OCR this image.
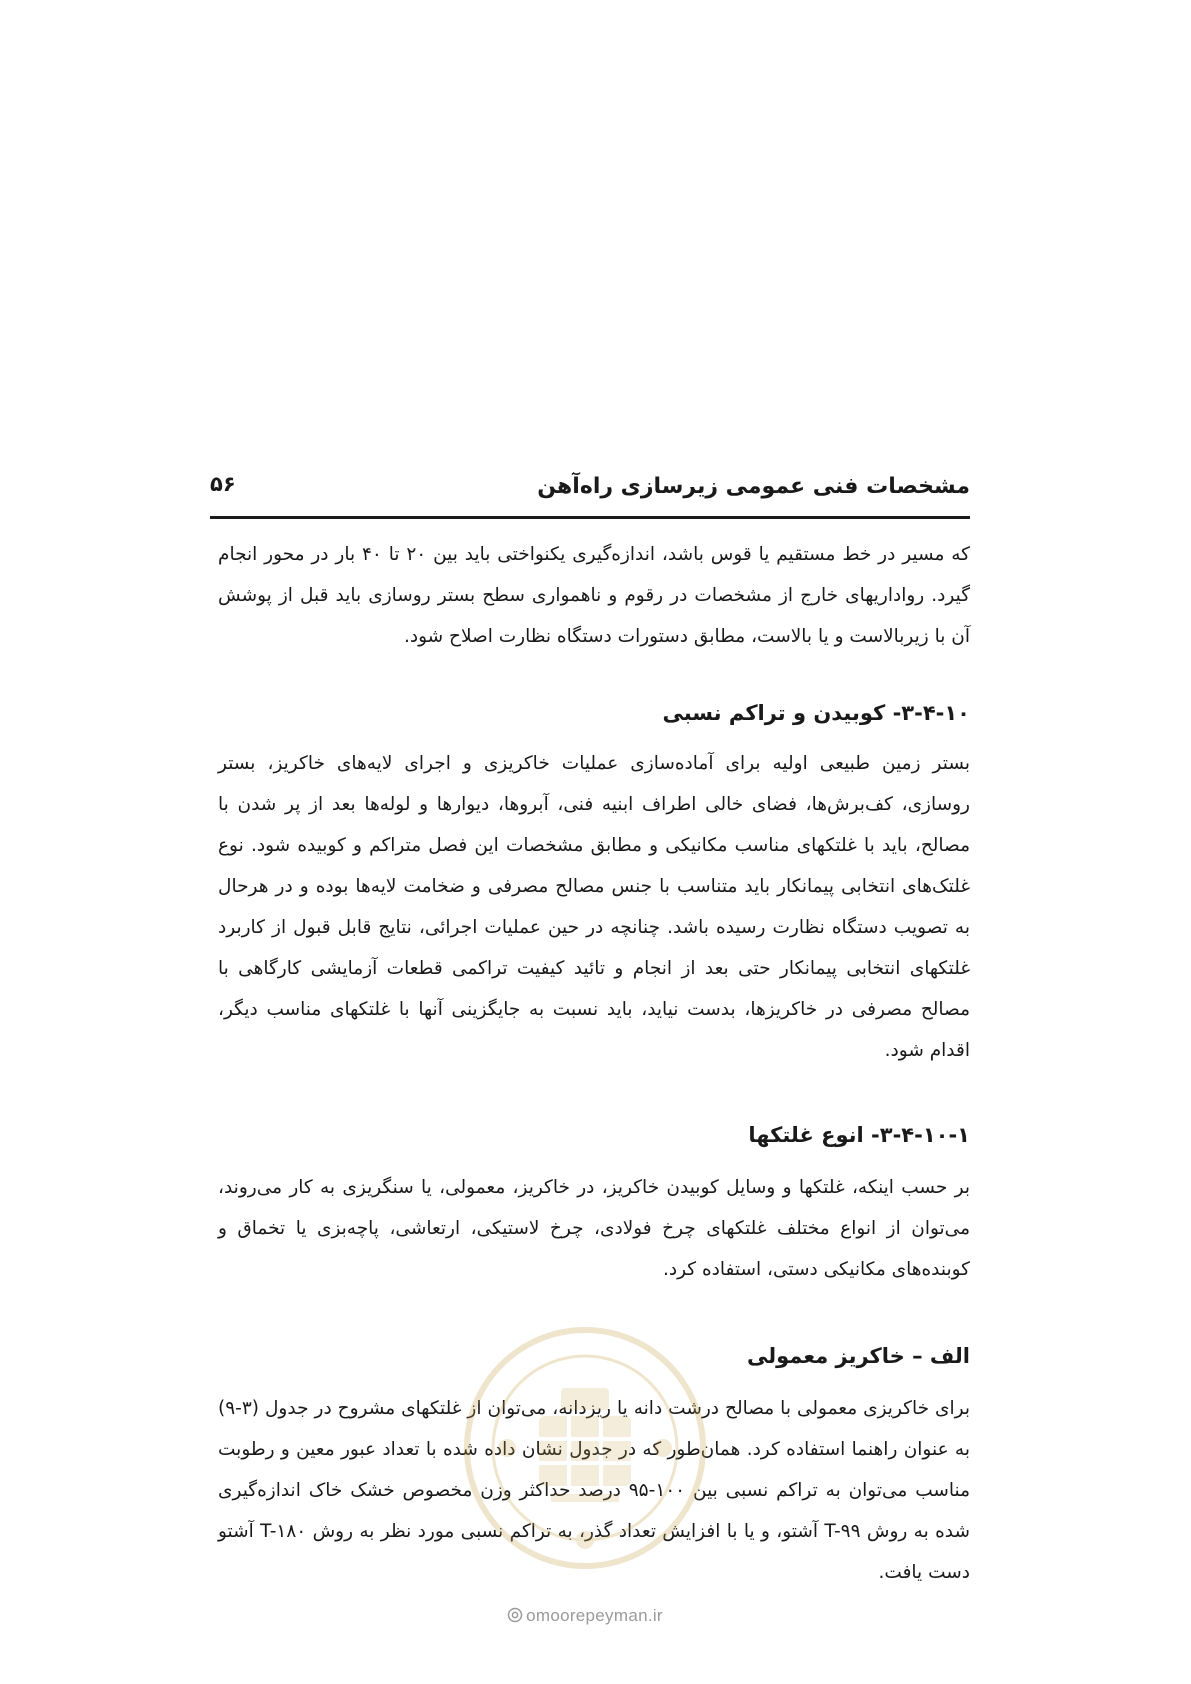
۵۶	مشخصات فنی عمومی زیرسازی راه‌آهن

که مسیر در خط مستقیم یا قوس باشد، اندازه‌گیری یکنواختی باید بین ۲۰ تا ۴۰ بار در محور انجام گیرد. رواداریهای خارج از مشخصات در رقوم و ناهمواری سطح بستر روسازی باید قبل از پوشش آن با زیربالاست و یا بالاست، مطابق دستورات دستگاه نظارت اصلاح شود.

۳-۴-۱۰- کوبیدن و تراکم نسبی

بستر زمین طبیعی اولیه برای آماده‌سازی عملیات خاکریزی و اجرای لایه‌های خاکریز، بستر روسازی، کف‌برش‌ها، فضای خالی اطراف ابنیه فنی، آبروها، دیوارها و لوله‌ها بعد از پر شدن با مصالح، باید با غلتکهای مناسب مکانیکی و مطابق مشخصات این فصل متراکم و کوبیده شود. نوع غلتک‌های انتخابی پیمانکار باید متناسب با جنس مصالح مصرفی و ضخامت لایه‌ها بوده و در هرحال به تصویب دستگاه نظارت رسیده باشد. چنانچه در حین عملیات اجرائی، نتایج قابل قبول از کاربرد غلتکهای انتخابی پیمانکار حتی بعد از انجام و تائید کیفیت تراکمی قطعات آزمایشی کارگاهی با مصالح مصرفی در خاکریزها، بدست نیاید، باید نسبت به جایگزینی آنها با غلتکهای مناسب دیگر، اقدام شود.

۳-۴-۱۰-۱- انوع غلتکها

بر حسب اینکه، غلتکها و وسایل کوبیدن خاکریز، در خاکریز، معمولی، یا سنگریزی به کار می‌روند، می‌توان از انواع مختلف غلتکهای چرخ فولادی، چرخ لاستیکی، ارتعاشی، پاچه‌بزی یا تخماق و کوبنده‌های مکانیکی دستی، استفاده کرد.

الف – خاکریز معمولی

برای خاکریزی معمولی با مصالح درشت دانه یا ریزدانه، می‌توان از غلتکهای مشروح در جدول (۳-۹) به عنوان راهنما استفاده کرد. همان‌طور که در جدول نشان داده شده با تعداد عبور معین و رطوبت مناسب می‌توان به تراکم نسبی بین ۱۰۰-۹۵ درصد حداکثر وزن مخصوص خشک خاک اندازه‌گیری شده به روش T-۹۹ آشتو، و یا با افزایش تعداد گذر، به تراکم نسبی مورد نظر به روش T-۱۸۰ آشتو دست یافت.

omoorepeyman.ir
